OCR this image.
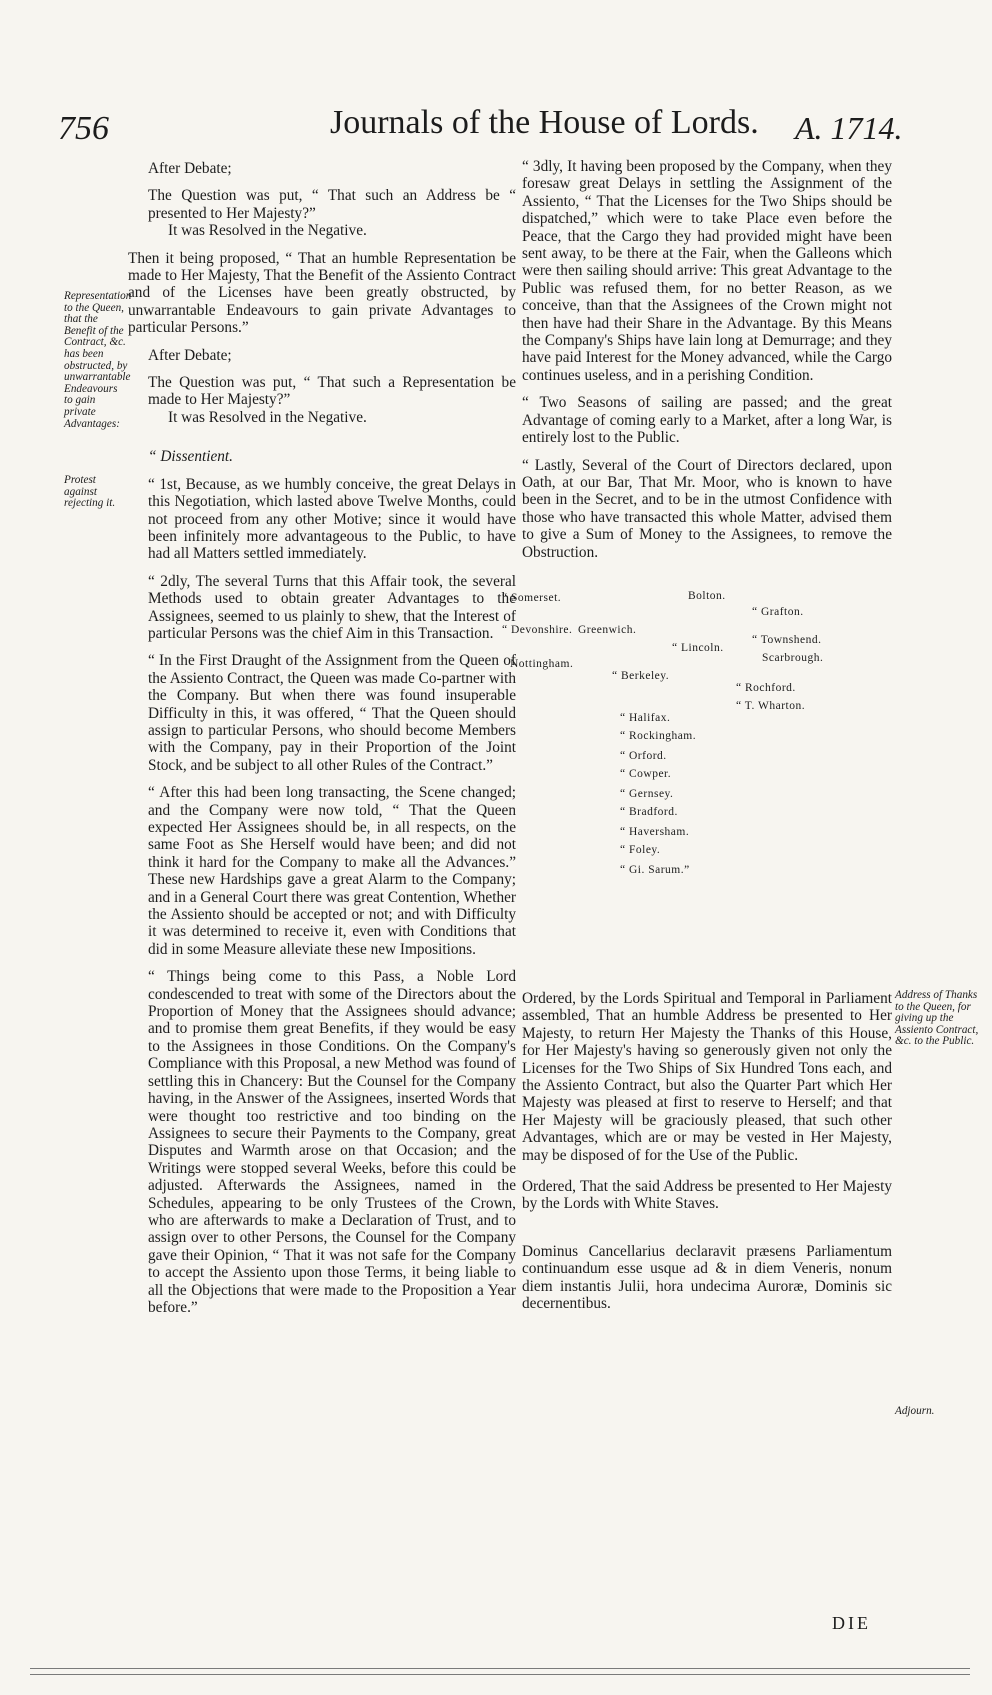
756	Journals of the House of Lords. A. 1714.
Representation to the Queen, that the Benefit of the Contract, &c. has been obstructed, by unwarrantable Endeavours to gain private Advantages:
Protest against rejecting it.
Address of Thanks to the Queen, for giving up the Assiento Contract, &c. to the Public.
Adjourn.

After Debate;

The Question was put, “ That such an Address be “ presented to Her Majesty?”

It was Resolved in the Negative.

Then it being proposed, “ That an humble Representation be made to Her Majesty, That the Benefit of the Assiento Contract and of the Licenses have been greatly obstructed, by unwarrantable Endeavours to gain private Advantages to particular Persons.”

After Debate;

The Question was put, “ That such a Representation be made to Her Majesty?”

It was Resolved in the Negative.

“ Dissentient.

“ 1st, Because, as we humbly conceive, the great Delays in this Negotiation, which lasted above Twelve Months, could not proceed from any other Motive; since it would have been infinitely more advantageous to the Public, to have had all Matters settled immediately.

“ 2dly, The several Turns that this Affair took, the several Methods used to obtain greater Advantages to the Assignees, seemed to us plainly to shew, that the Interest of particular Persons was the chief Aim in this Transaction.

“ In the First Draught of the Assignment from the Queen of the Assiento Contract, the Queen was made Co-partner with the Company. But when there was found insuperable Difficulty in this, it was offered, “ That the Queen should assign to particular Persons, who should become Members with the Company, pay in their Proportion of the Joint Stock, and be subject to all other Rules of the Contract.”

“ After this had been long transacting, the Scene changed; and the Company were now told, “ That the Queen expected Her Assignees should be, in all respects, on the same Foot as She Herself would have been; and did not think it hard for the Company to make all the Advances.” These new Hardships gave a great Alarm to the Company; and in a General Court there was great Contention, Whether the Assiento should be accepted or not; and with Difficulty it was determined to receive it, even with Conditions that did in some Measure alleviate these new Impositions.

“ Things being come to this Pass, a Noble Lord condescended to treat with some of the Directors about the Proportion of Money that the Assignees should advance; and to promise them great Benefits, if they would be easy to the Assignees in those Conditions. On the Company's Compliance with this Proposal, a new Method was found of settling this in Chancery: But the Counsel for the Company having, in the Answer of the Assignees, inserted Words that were thought too restrictive and too binding on the Assignees to secure their Payments to the Company, great Disputes and Warmth arose on that Occasion; and the Writings were stopped several Weeks, before this could be adjusted. Afterwards the Assignees, named in the Schedules, appearing to be only Trustees of the Crown, who are afterwards to make a Declaration of Trust, and to assign over to other Persons, the Counsel for the Company gave their Opinion, “ That it was not safe for the Company to accept the Assiento upon those Terms, it being liable to all the Objections that were made to the Proposition a Year before.”

“ 3dly, It having been proposed by the Company, when they foresaw great Delays in settling the Assignment of the Assiento, “ That the Licenses for the Two Ships should be dispatched,” which were to take Place even before the Peace, that the Cargo they had provided might have been sent away, to be there at the Fair, when the Galleons which were then sailing should arrive: This great Advantage to the Public was refused them, for no better Reason, as we conceive, than that the Assignees of the Crown might not then have had their Share in the Advantage. By this Means the Company's Ships have lain long at Demurrage; and they have paid Interest for the Money advanced, while the Cargo continues useless, and in a perishing Condition.

“ Two Seasons of sailing are passed; and the great Advantage of coming early to a Market, after a long War, is entirely lost to the Public.

“ Lastly, Several of the Court of Directors declared, upon Oath, at our Bar, That Mr. Moor, who is known to have been in the Secret, and to be in the utmost Confidence with those who have transacted this whole Matter, advised them to give a Sum of Money to the Assignees, to remove the Obstruction.

“ Somerset.	Bolton.
“ Grafton.
“ Devonshire. Greenwich.
“ Lincoln.
“ Townshend.
Nottingham.	Scarbrough.
“ Berkeley.
“ Rochford.
“ T. Wharton.
“ Halifax.
“ Rockingham.
“ Orford.
“ Cowper.
“ Gernsey.
“ Bradford.
“ Haversham.
“ Foley.
“ Gi. Sarum.”

Ordered, by the Lords Spiritual and Temporal in Parliament assembled, That an humble Address be presented to Her Majesty, to return Her Majesty the Thanks of this House, for Her Majesty's having so generously given not only the Licenses for the Two Ships of Six Hundred Tons each, and the Assiento Contract, but also the Quarter Part which Her Majesty was pleased at first to reserve to Herself; and that Her Majesty will be graciously pleased, that such other Advantages, which are or may be vested in Her Majesty, may be disposed of for the Use of the Public.

Ordered, That the said Address be presented to Her Majesty by the Lords with White Staves.

Dominus Cancellarius declaravit præsens Parliamentum continuandum esse usque ad & in diem Veneris, nonum diem instantis Julii, hora undecima Auroræ, Dominis sic decernentibus.

DIE
